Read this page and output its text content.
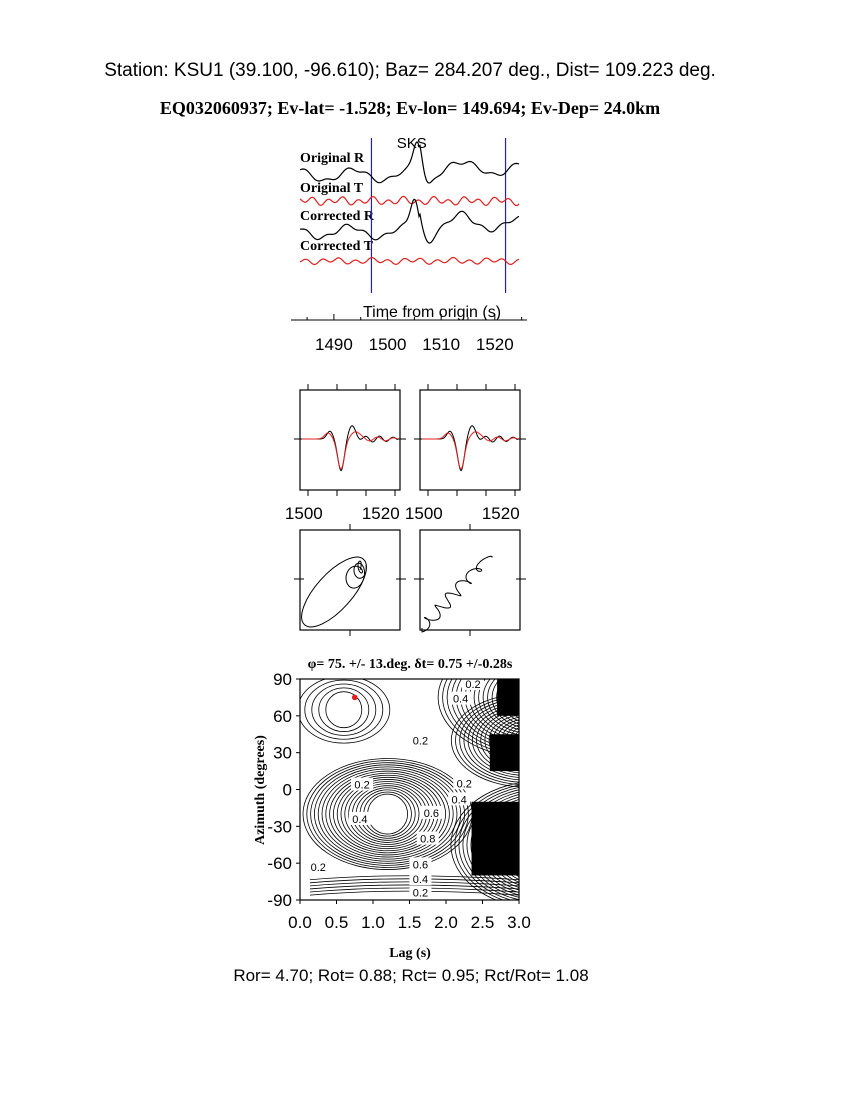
Station: KSU1 (39.100, -96.610); Baz= 284.207 deg., Dist= 109.223 deg.
EQ032060937; Ev-lat= -1.528; Ev-lon= 149.694; Ev-Dep= 24.0km
SKS
Original R
Original T
Corrected R
Corrected T
Time from origin (s)
1490 1500 1510 1520
1500 1520 1500 1520
φ= 75. +/- 13.deg. δt= 0.75 +/-0.28s
Lag (s)
Azimuth (degrees)
0.2
0.4
0.2
0.2	0.2
0.4
0.6
0.4
0.8
0.2	0.6
0.4
0.2
90
60
30
0
-30
-60
-90
0.0 0.5 1.0 1.5 2.0 2.5 3.0
Ror= 4.70; Rot= 0.88; Rct= 0.95; Rct/Rot= 1.08
